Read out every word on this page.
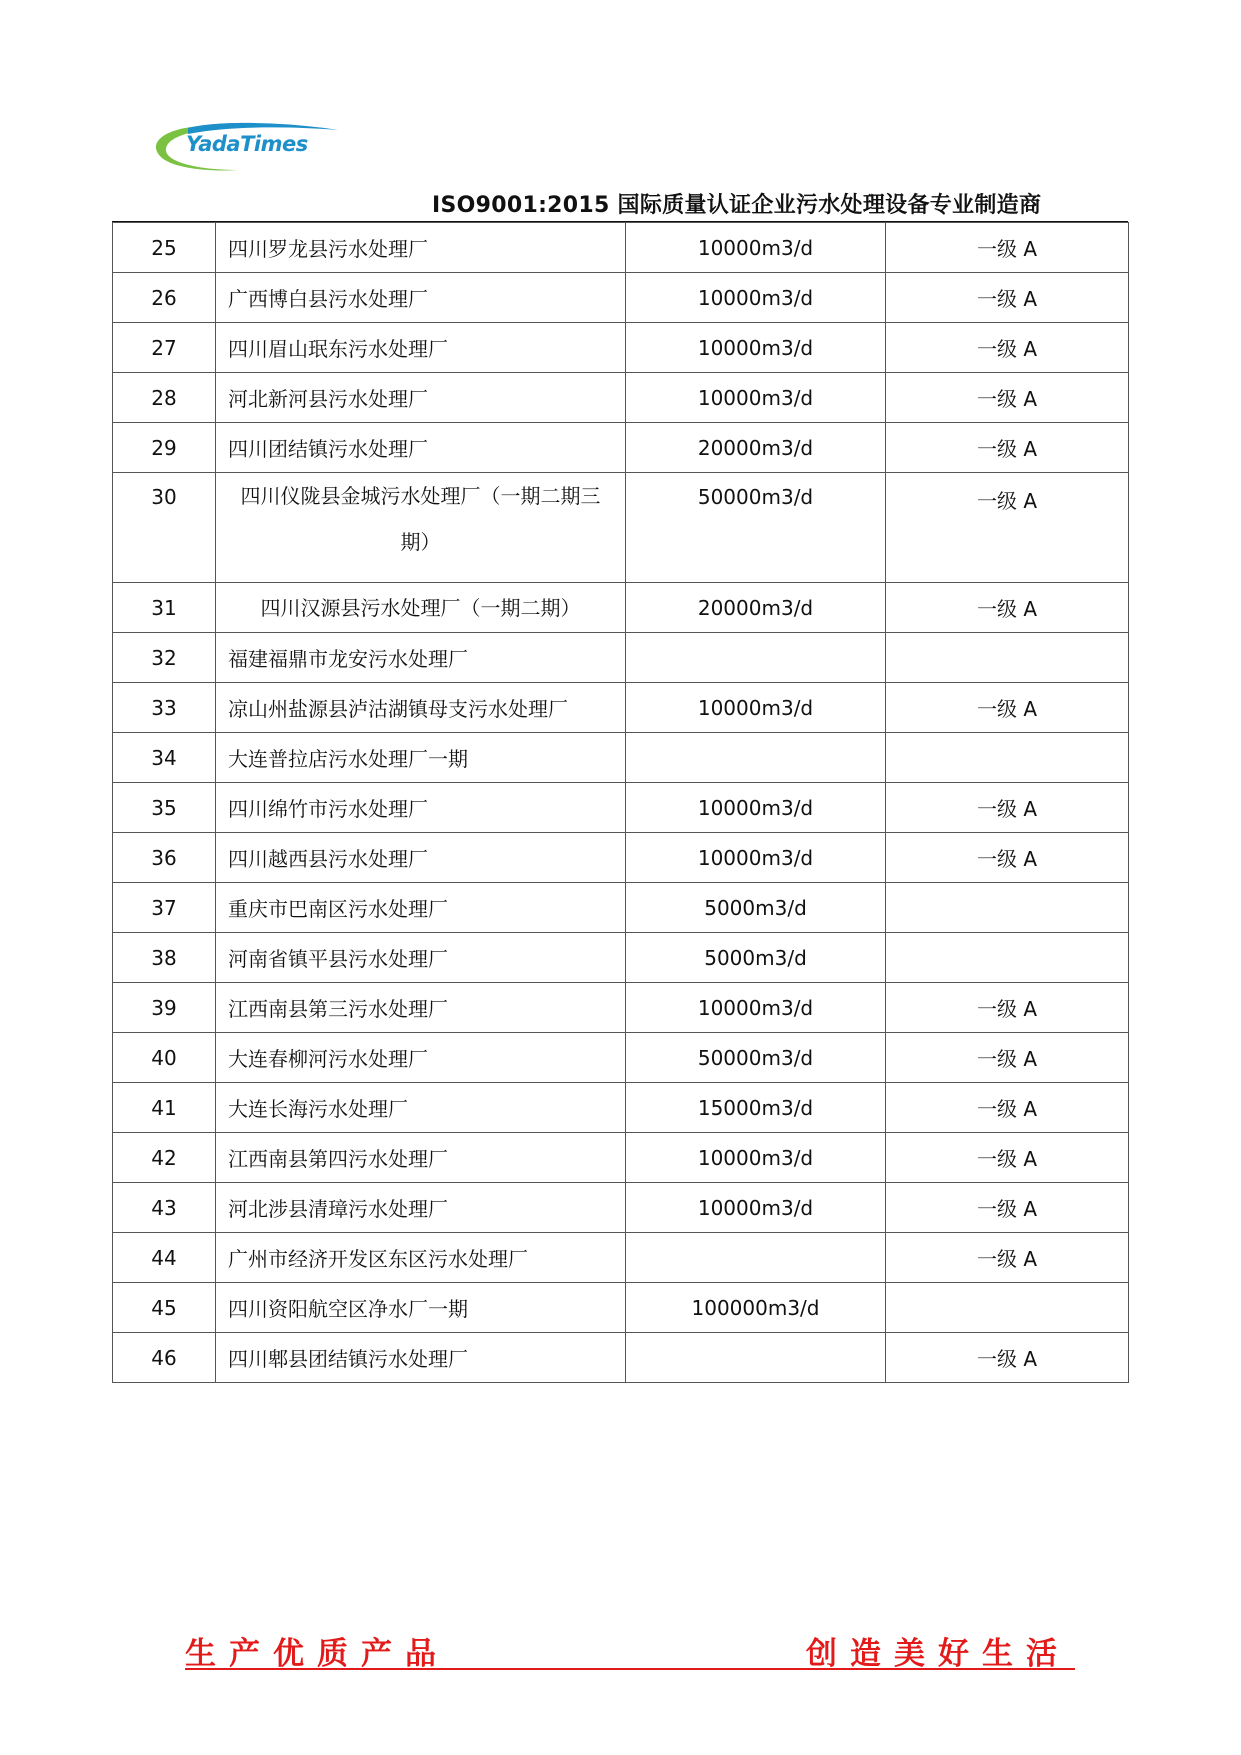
YadaTimes
ISO9001:2015 国际质量认证企业污水处理设备专业制造商
25	四川罗龙县污水处理厂	10000m3/d	一级 A
26	广西博白县污水处理厂	10000m3/d	一级 A
27	四川眉山珉东污水处理厂	10000m3/d	一级 A
28	河北新河县污水处理厂	10000m3/d	一级 A
29	四川团结镇污水处理厂	20000m3/d	一级 A
30	四川仪陇县金城污水处理厂（一期二期三
期）	50000m3/d	一级 A
31	四川汉源县污水处理厂（一期二期）	20000m3/d	一级 A
32	福建福鼎市龙安污水处理厂		
33	凉山州盐源县泸沽湖镇母支污水处理厂	10000m3/d	一级 A
34	大连普拉店污水处理厂一期		
35	四川绵竹市污水处理厂	10000m3/d	一级 A
36	四川越西县污水处理厂	10000m3/d	一级 A
37	重庆市巴南区污水处理厂	5000m3/d	
38	河南省镇平县污水处理厂	5000m3/d	
39	江西南县第三污水处理厂	10000m3/d	一级 A
40	大连春柳河污水处理厂	50000m3/d	一级 A
41	大连长海污水处理厂	15000m3/d	一级 A
42	江西南县第四污水处理厂	10000m3/d	一级 A
43	河北涉县清璋污水处理厂	10000m3/d	一级 A
44	广州市经济开发区东区污水处理厂		一级 A
45	四川资阳航空区净水厂一期	100000m3/d	
46	四川郫县团结镇污水处理厂		一级 A
生产优质产品	创造美好生活
